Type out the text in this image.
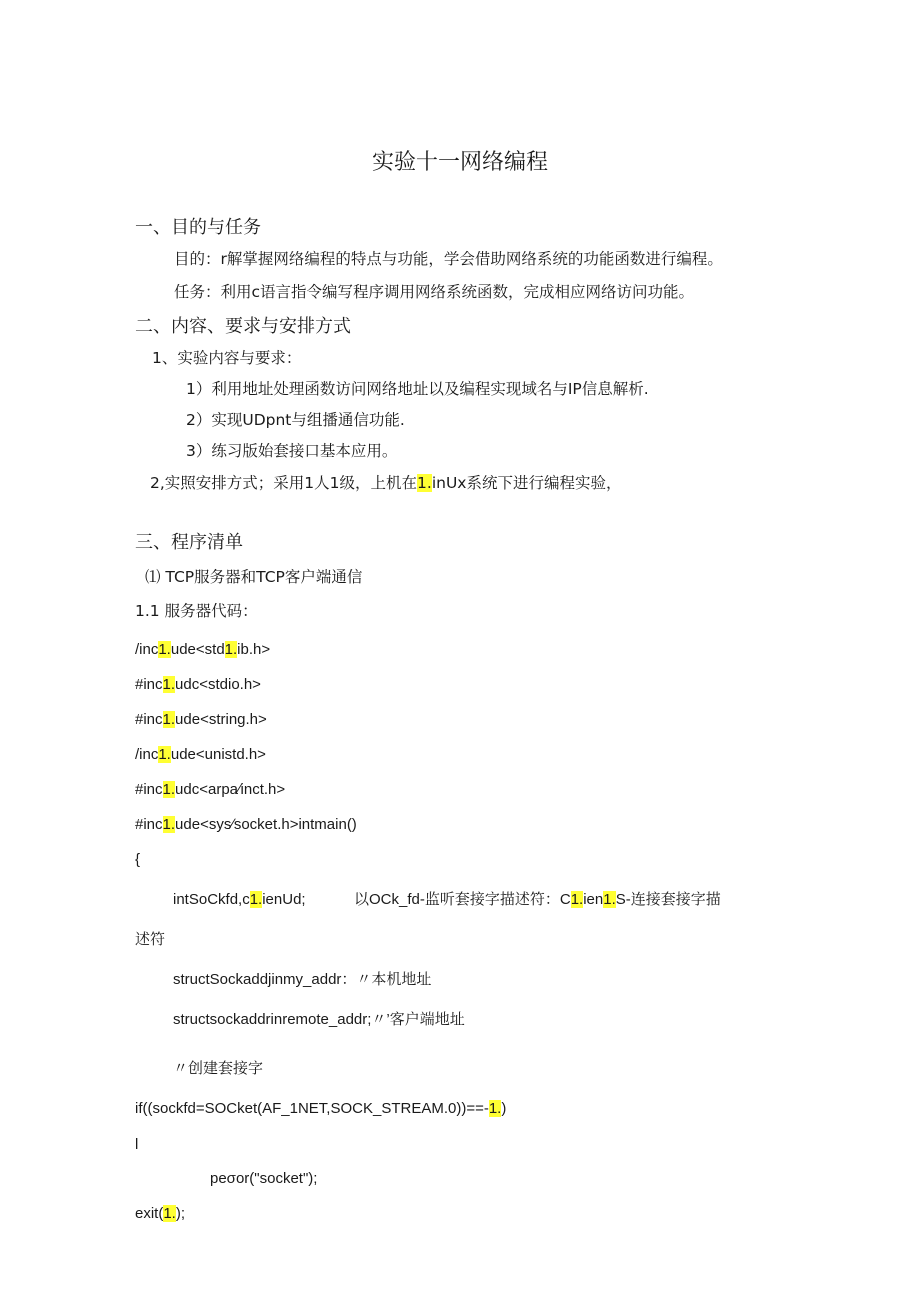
实验十一网络编程
一、目的与任务
目的：r解掌握网络编程的特点与功能，学会借助网络系统的功能函数进行编程。
任务：利用c语言指令编写程序调用网络系统函数，完成相应网络访问功能。
二、内容、要求与安排方式
1、实验内容与要求：
1）利用地址处理函数访问网络地址以及编程实现域名与IP信息解析.
2）实现UDpnt与组播通信功能.
3）练习版始套接口基本应用。
2,实照安排方式；采用1人1级，上机在1.inUx系统下进行编程实验，
三、程序清单
⑴ TCP服务器和TCP客户端通信
1.1 服务器代码：
/inc1.ude<std1.ib.h>
#inc1.udc<stdio.h>
#inc1.ude<string.h>
/inc1.ude<unistd.h>
#inc1.udc<arpa∕inct.h>
#inc1.ude<sys∕socket.h>intmain()
{
intSoCkfd,c1.ienUd;	以OCk_fd-监听套接字描述符：C1.ien1.S-连接套接字描
述符
structSockaddjinmy_addr：〃本机地址
structsockaddrinremote_addr;〃’客户端地址
〃创建套接字
if((sockfd=SOCket(AF_1NET,SOCK_STREAM.0))==-1.)
l
peσor("socket");
exit(1.);
